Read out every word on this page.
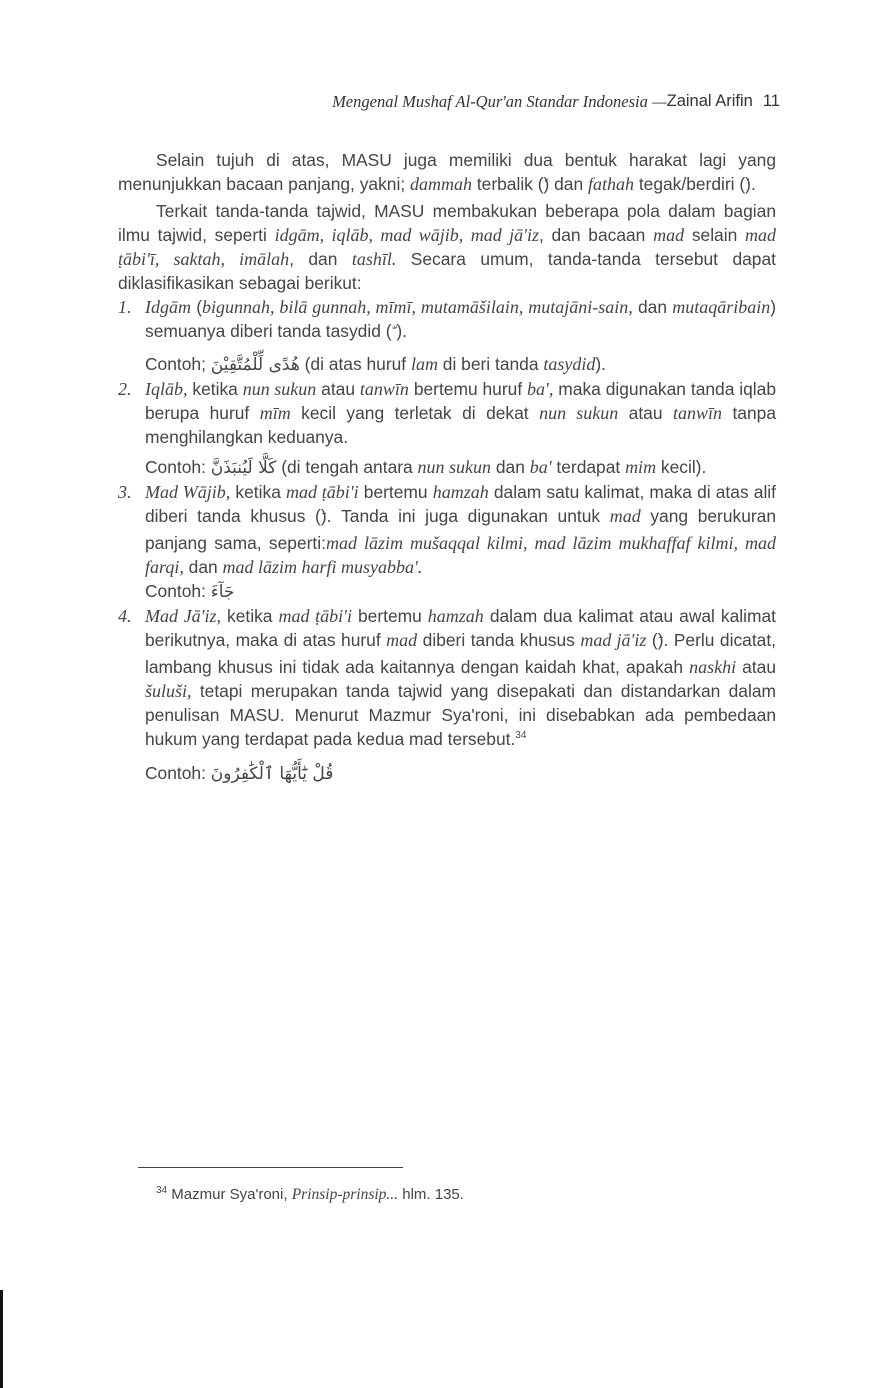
Mengenal Mushaf Al-Qur'an Standar Indonesia — Zainal Arifin 11

Selain tujuh di atas, MASU juga memiliki dua bentuk harakat lagi yang menunjukkan bacaan panjang, yakni; dammah terbalik () dan fathah tegak/berdiri ().

Terkait tanda-tanda tajwid, MASU membakukan beberapa pola dalam bagian ilmu tajwid, seperti idgām, iqlāb, mad wājib, mad jā'iz, dan bacaan mad selain mad ṭābi'ī, saktah, imālah, dan tashīl. Secara umum, tanda-tanda tersebut dapat diklasifikasikan sebagai berikut:

1. Idgām (bigunnah, bilā gunnah, mīmī, mutamāšilain, mutajāni-sain, dan mutaqāribain) semuanya diberi tanda tasydid ( ).
Contoh; هُدًى لِّلْمُتَّقِيْنَ (di atas huruf lam di beri tanda tasydid).
2. Iqlāb, ketika nun sukun atau tanwīn bertemu huruf ba', maka digunakan tanda iqlab berupa huruf mīm kecil yang terletak di dekat nun sukun atau tanwīn tanpa menghilangkan keduanya.
Contoh: كَلَّا لَيُنبَذَنَّ (di tengah antara nun sukun dan ba' terdapat mim kecil).
3. Mad Wājib, ketika mad ṭābi'i bertemu hamzah dalam satu kalimat, maka di atas alif diberi tanda khusus (). Tanda ini juga digunakan untuk mad yang berukuran panjang sama, seperti:mad lāzim mušaqqal kilmi, mad lāzim mukhaffaf kilmi, mad farqi, dan mad lāzim harfi musyabba'.
Contoh: جَآءَ
4. Mad Jā'iz, ketika mad ṭābi'i bertemu hamzah dalam dua kalimat atau awal kalimat berikutnya, maka di atas huruf mad diberi tanda khusus mad jā'iz (). Perlu dicatat, lambang khusus ini tidak ada kaitannya dengan kaidah khat, apakah naskhi atau šuluši, tetapi merupakan tanda tajwid yang disepakati dan distandarkan dalam penulisan MASU. Menurut Mazmur Sya'roni, ini disebabkan ada pembedaan hukum yang terdapat pada kedua mad tersebut.$^{34}$
Contoh: قُلْ يَٰٓأَيُّهَا ٱلْكَٰفِرُونَ
$^{34}$ Mazmur Sya'roni, Prinsip-prinsip... hlm. 135.
